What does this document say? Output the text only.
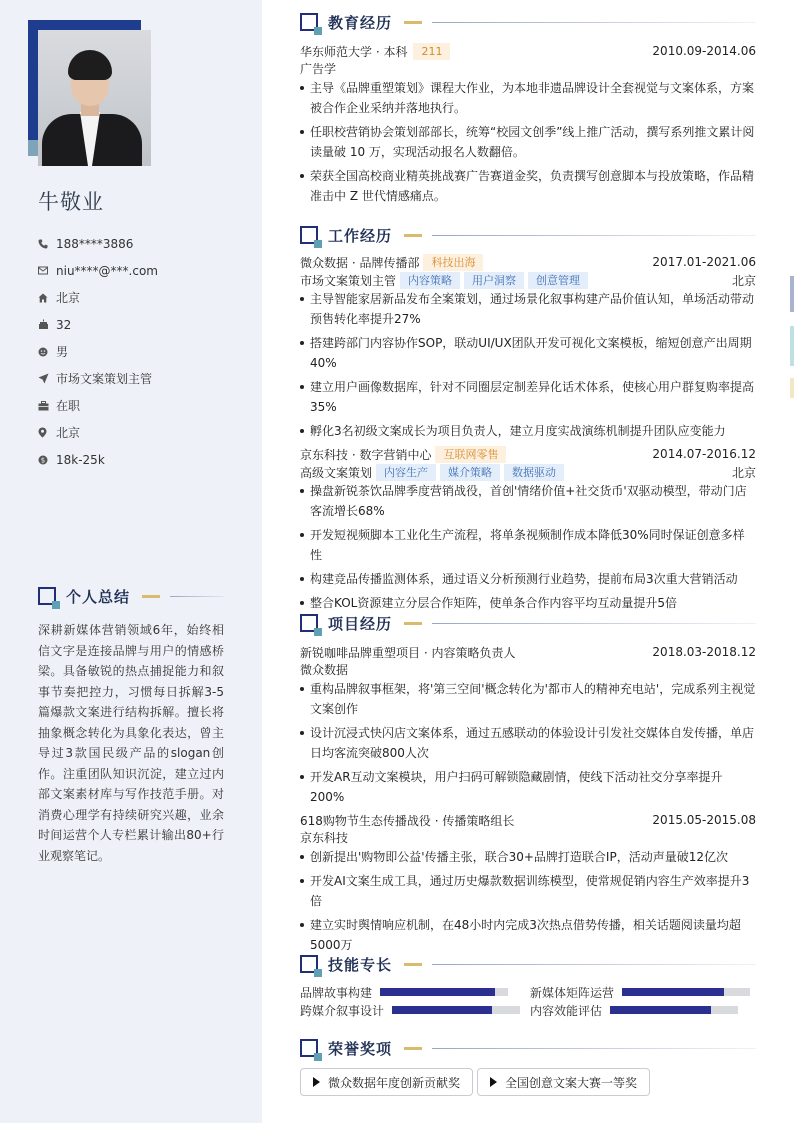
牛敬业
188****3886
niu****@***.com
北京
32
男
市场文案策划主管
在职
北京
$ 18k-25k
个人总结
深耕新媒体营销领域6年，始终相信文字是连接品牌与用户的情感桥梁。具备敏锐的热点捕捉能力和叙事节奏把控力，习惯每日拆解3-5篇爆款文案进行结构拆解。擅长将抽象概念转化为具象化表达，曾主导过3款国民级产品的slogan创作。注重团队知识沉淀，建立过内部文案素材库与写作技范手册。对消费心理学有持续研究兴趣，业余时间运营个人专栏累计输出80+行业观察笔记。
教育经历
华东师范大学 · 本科	211	2010.09-2014.06
广告学
主导《品牌重塑策划》课程大作业，为本地非遗品牌设计全套视觉与文案体系，方案被合作企业采纳并落地执行。
任职校营销协会策划部部长，统筹“校园文创季”线上推广活动，撰写系列推文累计阅读量破 10 万，实现活动报名人数翻倍。
荣获全国高校商业精英挑战赛广告赛道金奖，负责撰写创意脚本与投放策略，作品精准击中 Z 世代情感痛点。
工作经历
微众数据 · 品牌传播部	科技出海	2017.01-2021.06
市场文案策划主管	内容策略	用户洞察	创意管理	北京
主导智能家居新品发布全案策划，通过场景化叙事构建产品价值认知，单场活动带动预售转化率提升27%
搭建跨部门内容协作SOP，联动UI/UX团队开发可视化文案模板，缩短创意产出周期40%
建立用户画像数据库，针对不同圈层定制差异化话术体系，使核心用户群复购率提高35%
孵化3名初级文案成长为项目负责人，建立月度实战演练机制提升团队应变能力
京东科技 · 数字营销中心	互联网零售	2014.07-2016.12
高级文案策划	内容生产	媒介策略	数据驱动	北京
操盘新锐茶饮品牌季度营销战役，首创'情绪价值+社交货币'双驱动模型，带动门店客流增长68%
开发短视频脚本工业化生产流程，将单条视频制作成本降低30%同时保证创意多样性
构建竞品传播监测体系，通过语义分析预测行业趋势，提前布局3次重大营销活动
整合KOL资源建立分层合作矩阵，使单条合作内容平均互动量提升5倍
项目经历
新锐咖啡品牌重塑项目 · 内容策略负责人	2018.03-2018.12
微众数据
重构品牌叙事框架，将'第三空间'概念转化为'都市人的精神充电站'，完成系列主视觉文案创作
设计沉浸式快闪店文案体系，通过五感联动的体验设计引发社交媒体自发传播，单店日均客流突破800人次
开发AR互动文案模块，用户扫码可解锁隐藏剧情，使线下活动社交分享率提升200%
618购物节生态传播战役 · 传播策略组长	2015.05-2015.08
京东科技
创新提出'购物即公益'传播主张，联合30+品牌打造联合IP，活动声量破12亿次
开发AI文案生成工具，通过历史爆款数据训练模型，使常规促销内容生产效率提升3倍
建立实时舆情响应机制，在48小时内完成3次热点借势传播，相关话题阅读量均超5000万
技能专长
品牌故事构建	新媒体矩阵运营
跨媒介叙事设计	内容效能评估
荣誉奖项
微众数据年度创新贡献奖	全国创意文案大赛一等奖
